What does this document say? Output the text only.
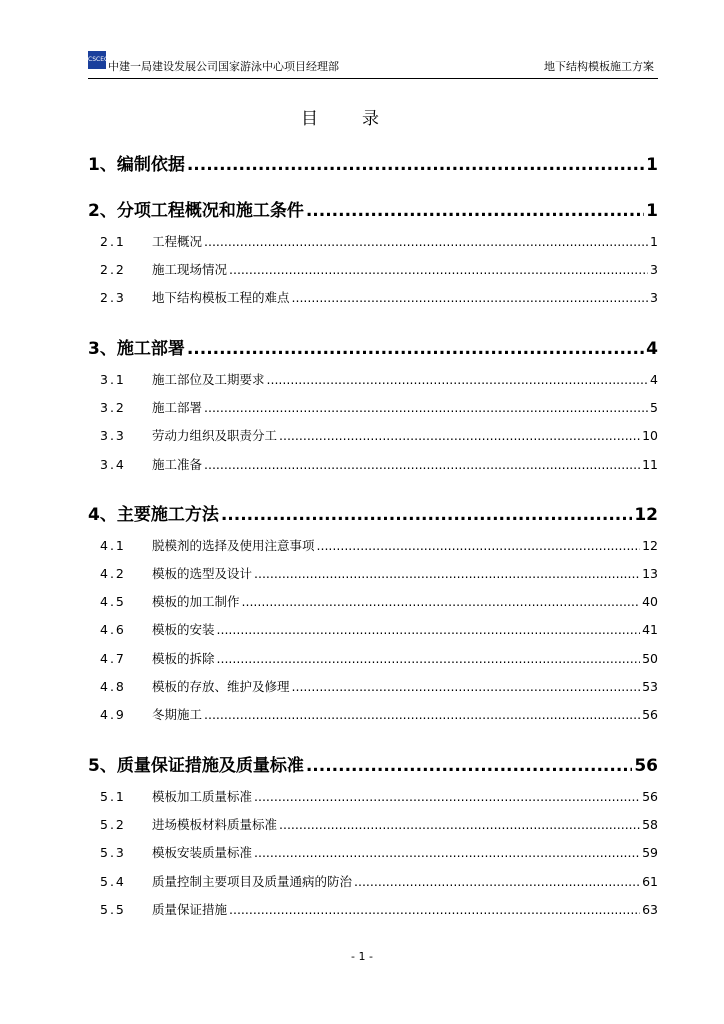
CSCEC
中建一局建设发展公司国家游泳中心项目经理部	地下结构模板施工方案
目录
1、 编制依据 .....	1
2、 分项工程概况和施工条件 .....	1
2.1	工程概况 .....	1
2.2	施工现场情况 .....	3
2.3	地下结构模板工程的难点 .....	3
3、 施工部署 .....	4
3.1	施工部位及工期要求 .....	4
3.2	施工部署 .....	5
3.3	劳动力组织及职责分工 .....	10
3.4	施工准备 .....	11
4、 主要施工方法 .....	12
4.1	脱模剂的选择及使用注意事项 .....	12
4.2	模板的选型及设计 .....	13
4.5	模板的加工制作 .....	40
4.6	模板的安装 .....	41
4.7	模板的拆除 .....	50
4.8	模板的存放、维护及修理 .....	53
4.9	冬期施工 .....	56
5、 质量保证措施及质量标准 .....	56
5.1	模板加工质量标准 .....	56
5.2	进场模板材料质量标准 .....	58
5.3	模板安装质量标准 .....	59
5.4	质量控制主要项目及质量通病的防治 .....	61
5.5	质量保证措施 .....	63
- 1 -
